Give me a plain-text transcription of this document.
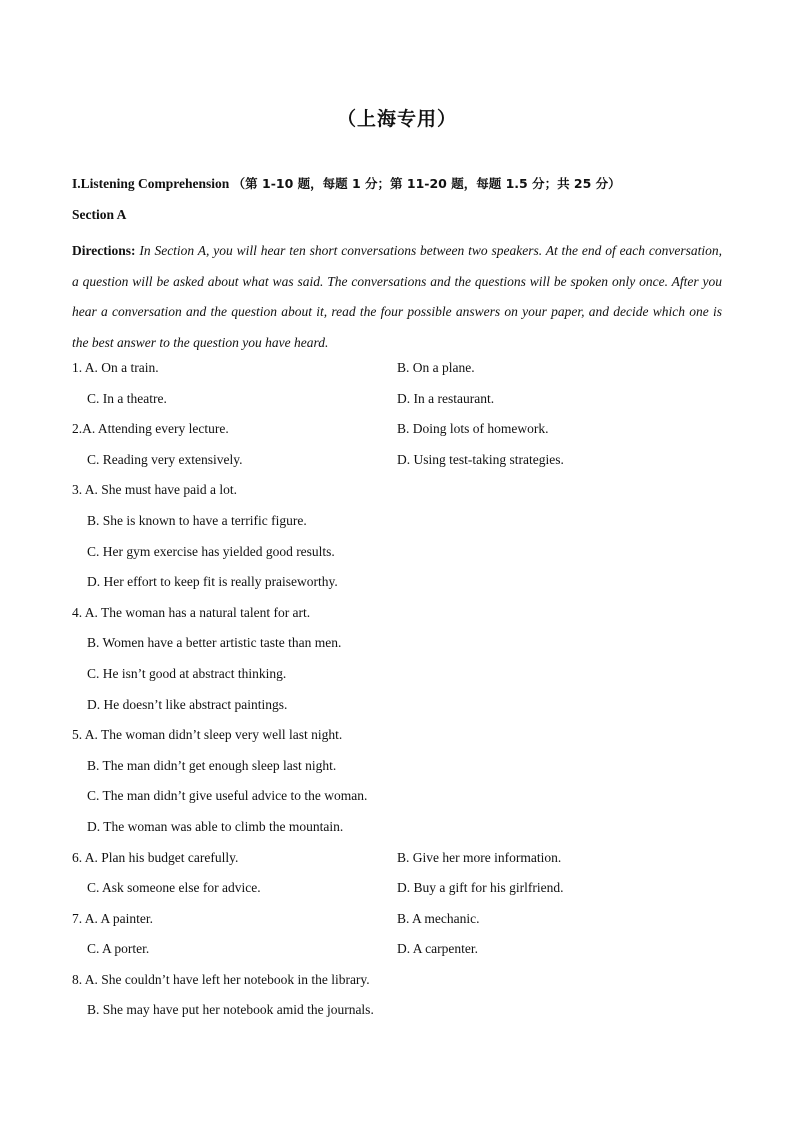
（上海专用）
I.Listening Comprehension （第 1-10 题，每题 1 分；第 11-20 题，每题 1.5 分；共 25 分）
Section A
Directions: In Section A, you will hear ten short conversations between two speakers. At the end of each conversation, a question will be asked about what was said. The conversations and the questions will be spoken only once. After you hear a conversation and the question about it, read the four possible answers on your paper, and decide which one is the best answer to the question you have heard.
1. A. On a train.	B. On a plane.
C. In a theatre.	D. In a restaurant.
2.A. Attending every lecture.	B. Doing lots of homework.
C. Reading very extensively.	D. Using test-taking strategies.
3. A. She must have paid a lot.
B. She is known to have a terrific figure.
C. Her gym exercise has yielded good results.
D. Her effort to keep fit is really praiseworthy.
4. A. The woman has a natural talent for art.
B. Women have a better artistic taste than men.
C. He isn’t good at abstract thinking.
D. He doesn’t like abstract paintings.
5. A. The woman didn’t sleep very well last night.
B. The man didn’t get enough sleep last night.
C. The man didn’t give useful advice to the woman.
D. The woman was able to climb the mountain.
6. A. Plan his budget carefully.	B. Give her more information.
C. Ask someone else for advice.	D. Buy a gift for his girlfriend.
7. A. A painter.	B. A mechanic.
C. A porter.	D. A carpenter.
8. A. She couldn’t have left her notebook in the library.
B. She may have put her notebook amid the journals.
